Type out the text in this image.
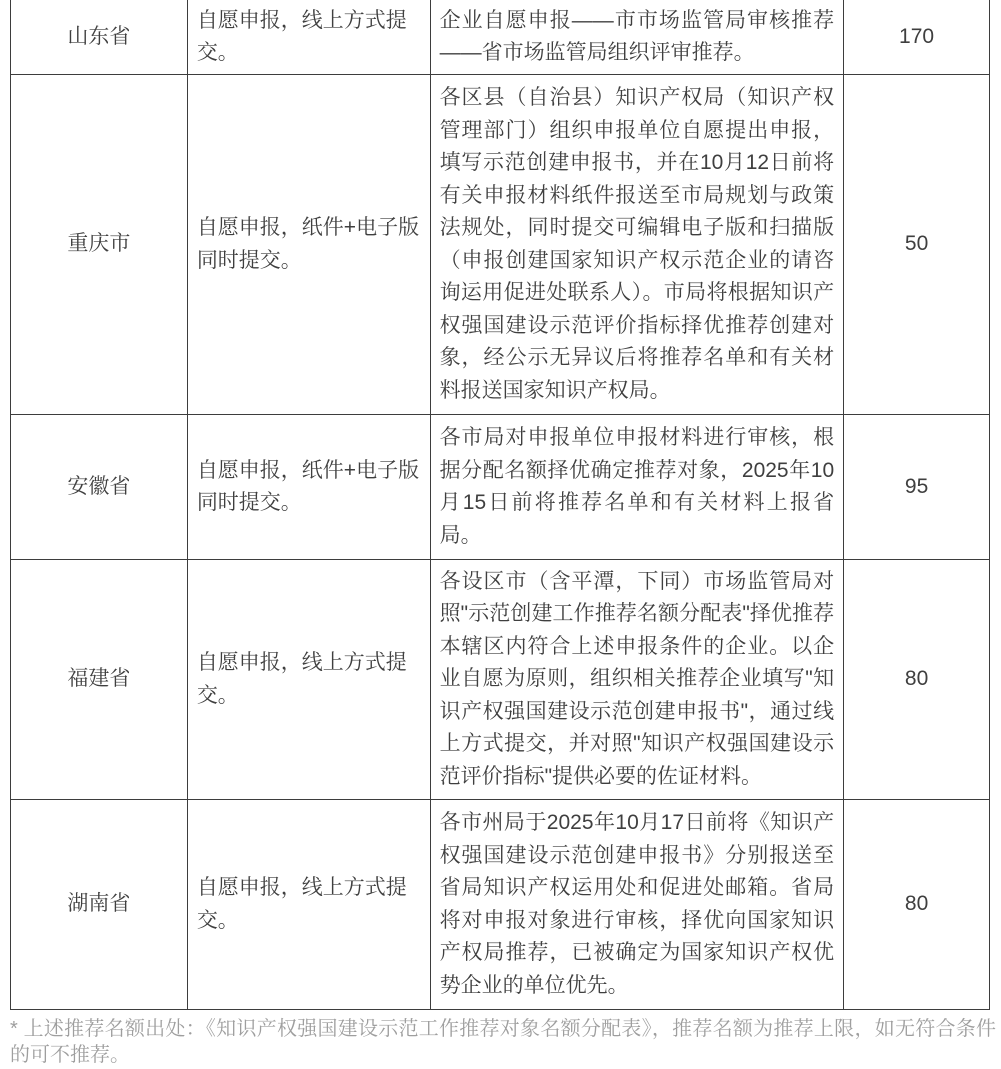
山东省
自愿申报，线上方式提交。
企业自愿申报——市市场监管局审核推荐——省市场监管局组织评审推荐。
170
重庆市
自愿申报，纸件+电子版同时提交。
各区县（自治县）知识产权局（知识产权管理部门）组织申报单位自愿提出申报，填写示范创建申报书，并在10月12日前将有关申报材料纸件报送至市局规划与政策法规处，同时提交可编辑电子版和扫描版（申报创建国家知识产权示范企业的请咨询运用促进处联系人）。市局将根据知识产权强国建设示范评价指标择优推荐创建对象，经公示无异议后将推荐名单和有关材料报送国家知识产权局。
50
安徽省
自愿申报，纸件+电子版同时提交。
各市局对申报单位申报材料进行审核，根据分配名额择优确定推荐对象，2025年10月15日前将推荐名单和有关材料上报省局。
95
福建省
自愿申报，线上方式提交。
各设区市（含平潭，下同）市场监管局对照"示范创建工作推荐名额分配表"择优推荐本辖区内符合上述申报条件的企业。以企业自愿为原则，组织相关推荐企业填写"知识产权强国建设示范创建申报书"，通过线上方式提交，并对照"知识产权强国建设示范评价指标"提供必要的佐证材料。
80
湖南省
自愿申报，线上方式提交。
各市州局于2025年10月17日前将《知识产权强国建设示范创建申报书》分别报送至省局知识产权运用处和促进处邮箱。省局将对申报对象进行审核，择优向国家知识产权局推荐，已被确定为国家知识产权优势企业的单位优先。
80
* 上述推荐名额出处：《知识产权强国建设示范工作推荐对象名额分配表》，推荐名额为推荐上限，如无符合条件的可不推荐。
